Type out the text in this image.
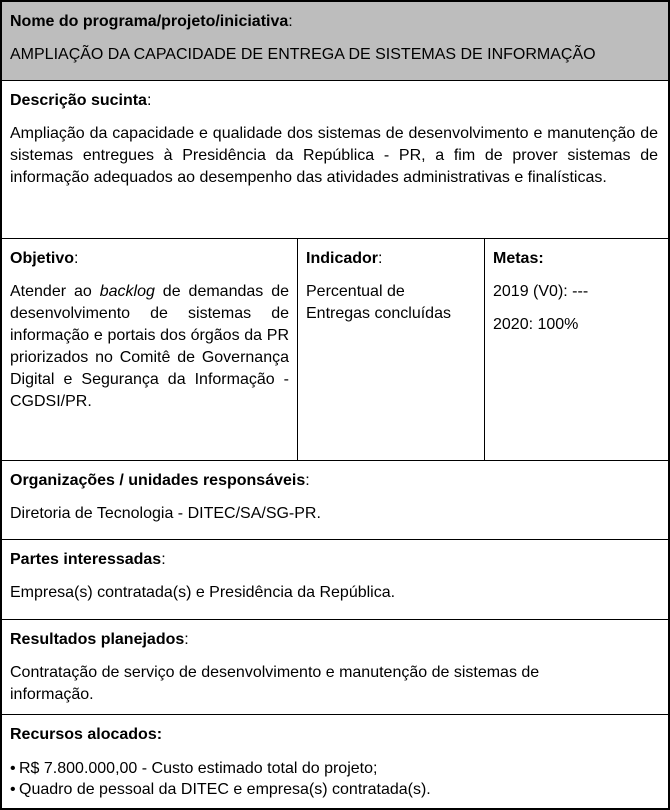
Nome do programa/projeto/iniciativa:

AMPLIAÇÃO DA CAPACIDADE DE ENTREGA DE SISTEMAS DE INFORMAÇÃO

Descrição sucinta:

Ampliação da capacidade e qualidade dos sistemas de desenvolvimento e manutenção de sistemas entregues à Presidência da República - PR, a fim de prover sistemas de informação adequados ao desempenho das atividades administrativas e finalísticas.

Objetivo:

Atender ao backlog de demandas de desenvolvimento de sistemas de informação e portais dos órgãos da PR priorizados no Comitê de Governança Digital e Segurança da Informação - CGDSI/PR.

Indicador:

Percentual de Entregas concluídas

Metas:

2019 (V0): ---

2020: 100%

Organizações / unidades responsáveis:

Diretoria de Tecnologia - DITEC/SA/SG-PR.

Partes interessadas:

Empresa(s) contratada(s) e Presidência da República.

Resultados planejados:

Contratação de serviço de desenvolvimento e manutenção de sistemas de informação.

Recursos alocados:

• R$ 7.800.000,00 - Custo estimado total do projeto;
• Quadro de pessoal da DITEC e empresa(s) contratada(s).
